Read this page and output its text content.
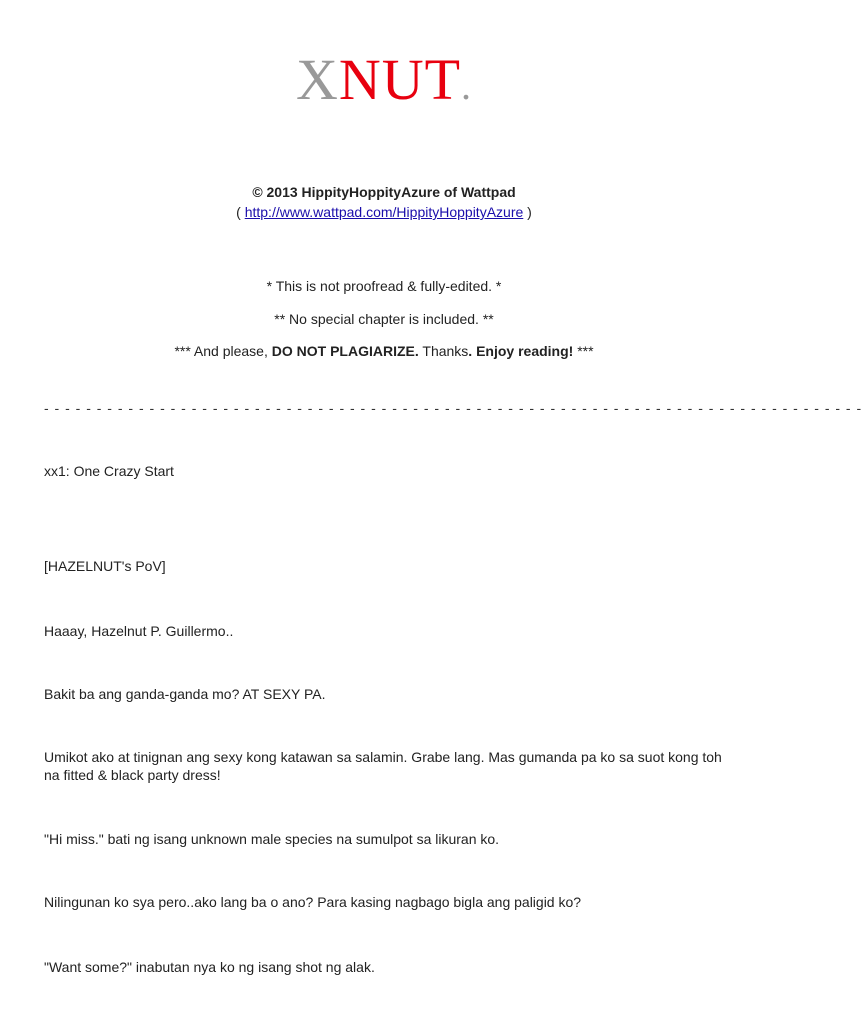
XNUT.
© 2013 HippityHoppityAzure of Wattpad
( http://www.wattpad.com/HippityHoppityAzure )
* This is not proofread & fully-edited. *
** No special chapter is included. **
*** And please, DO NOT PLAGIARIZE. Thanks. Enjoy reading! ***
- - - - - - - - - - - - - - - - - - - - - - - - - - - - - - - - - - - - - - - - - - - - - - - - - - - - - - - - - - - - - - - - - - - - - - - - - - - - - -
xx1: One Crazy Start
[HAZELNUT's PoV]
Haaay, Hazelnut P. Guillermo..
Bakit ba ang ganda-ganda mo? AT SEXY PA.
Umikot ako at tinignan ang sexy kong katawan sa salamin. Grabe lang. Mas gumanda pa ko sa suot kong toh na fitted & black party dress!
"Hi miss." bati ng isang unknown male species na sumulpot sa likuran ko.
Nilingunan ko sya pero..ako lang ba o ano? Para kasing nagbago bigla ang paligid ko?
"Want some?" inabutan nya ko ng isang shot ng alak.
